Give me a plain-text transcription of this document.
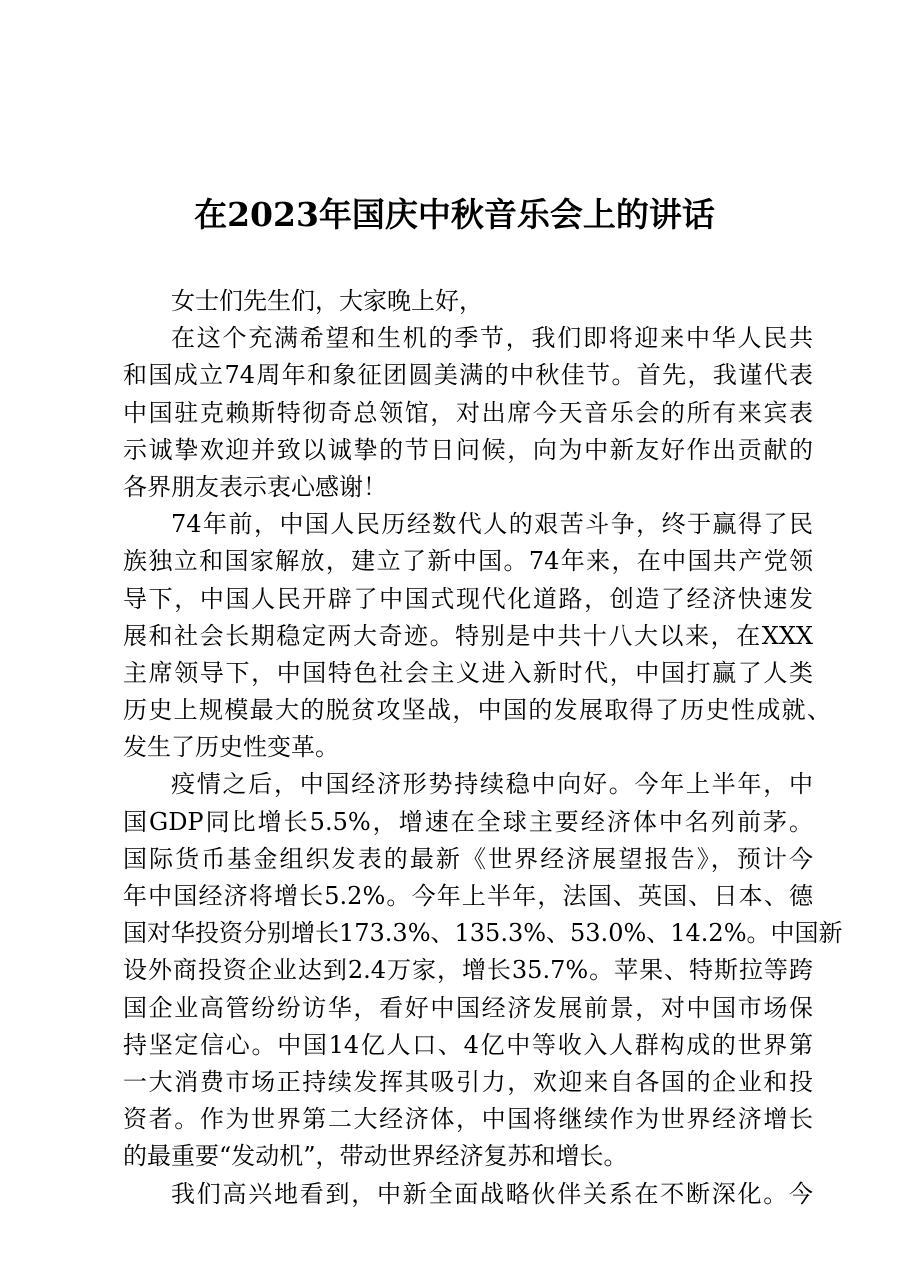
在2023年国庆中秋音乐会上的讲话
女士们先生们，大家晚上好，
在这个充满希望和生机的季节，我们即将迎来中华人民共
和国成立74周年和象征团圆美满的中秋佳节。首先，我谨代表
中国驻克赖斯特彻奇总领馆，对出席今天音乐会的所有来宾表
示诚挚欢迎并致以诚挚的节日问候，向为中新友好作出贡献的
各界朋友表示衷心感谢！
74年前，中国人民历经数代人的艰苦斗争，终于赢得了民
族独立和国家解放，建立了新中国。74年来，在中国共产党领
导下，中国人民开辟了中国式现代化道路，创造了经济快速发
展和社会长期稳定两大奇迹。特别是中共十八大以来，在XXX
主席领导下，中国特色社会主义进入新时代，中国打赢了人类
历史上规模最大的脱贫攻坚战，中国的发展取得了历史性成就、
发生了历史性变革。
疫情之后，中国经济形势持续稳中向好。今年上半年，中
国GDP同比增长5.5%，增速在全球主要经济体中名列前茅。
国际货币基金组织发表的最新《世界经济展望报告》，预计今
年中国经济将增长5.2%。今年上半年，法国、英国、日本、德
国对华投资分别增长173.3%、135.3%、53.0%、14.2%。中国新
设外商投资企业达到2.4万家，增长35.7%。苹果、特斯拉等跨
国企业高管纷纷访华，看好中国经济发展前景，对中国市场保
持坚定信心。中国14亿人口、4亿中等收入人群构成的世界第
一大消费市场正持续发挥其吸引力，欢迎来自各国的企业和投
资者。作为世界第二大经济体，中国将继续作为世界经济增长
的最重要“发动机”，带动世界经济复苏和增长。
我们高兴地看到，中新全面战略伙伴关系在不断深化。今
